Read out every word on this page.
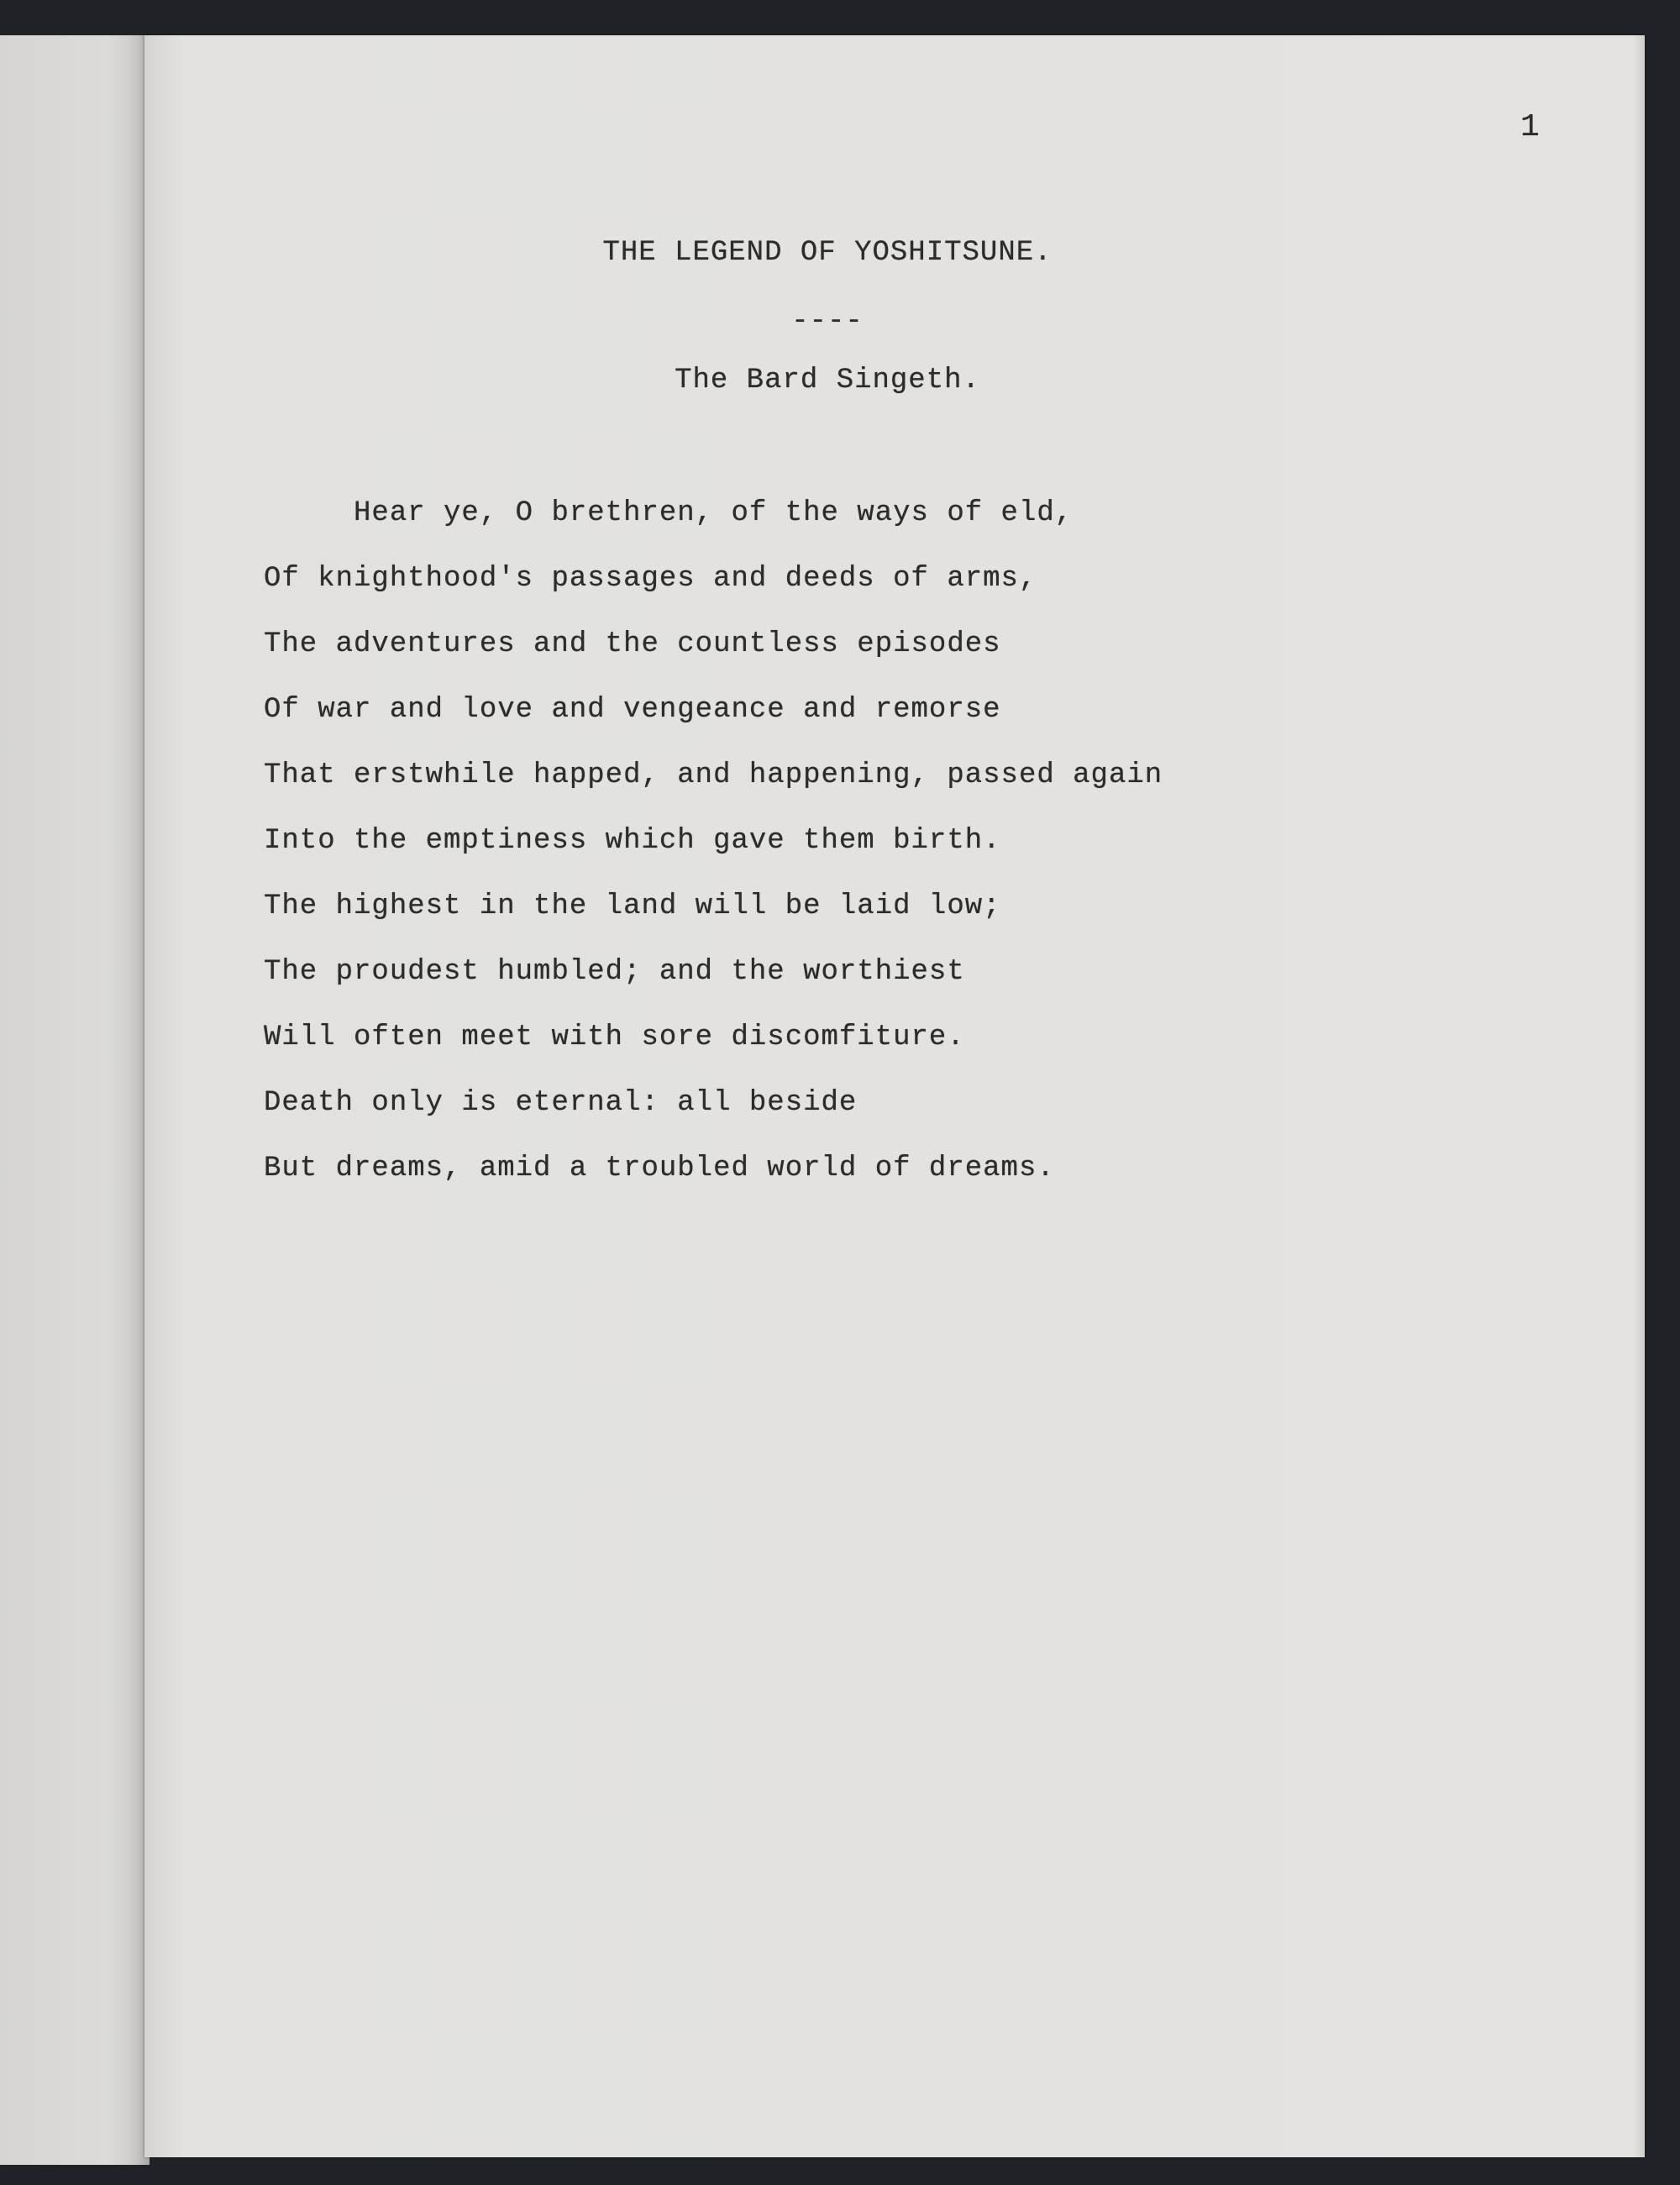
1
THE LEGEND OF YOSHITSUNE.
----
The Bard Singeth.
Hear ye, O brethren, of the ways of eld,
Of knighthood's passages and deeds of arms,
The adventures and the countless episodes
Of war and love and vengeance and remorse
That erstwhile happed, and happening, passed again
Into the emptiness which gave them birth.
The highest in the land will be laid low;
The proudest humbled; and the worthiest
Will often meet with sore discomfiture.
Death only is eternal: all beside
But dreams, amid a troubled world of dreams.
